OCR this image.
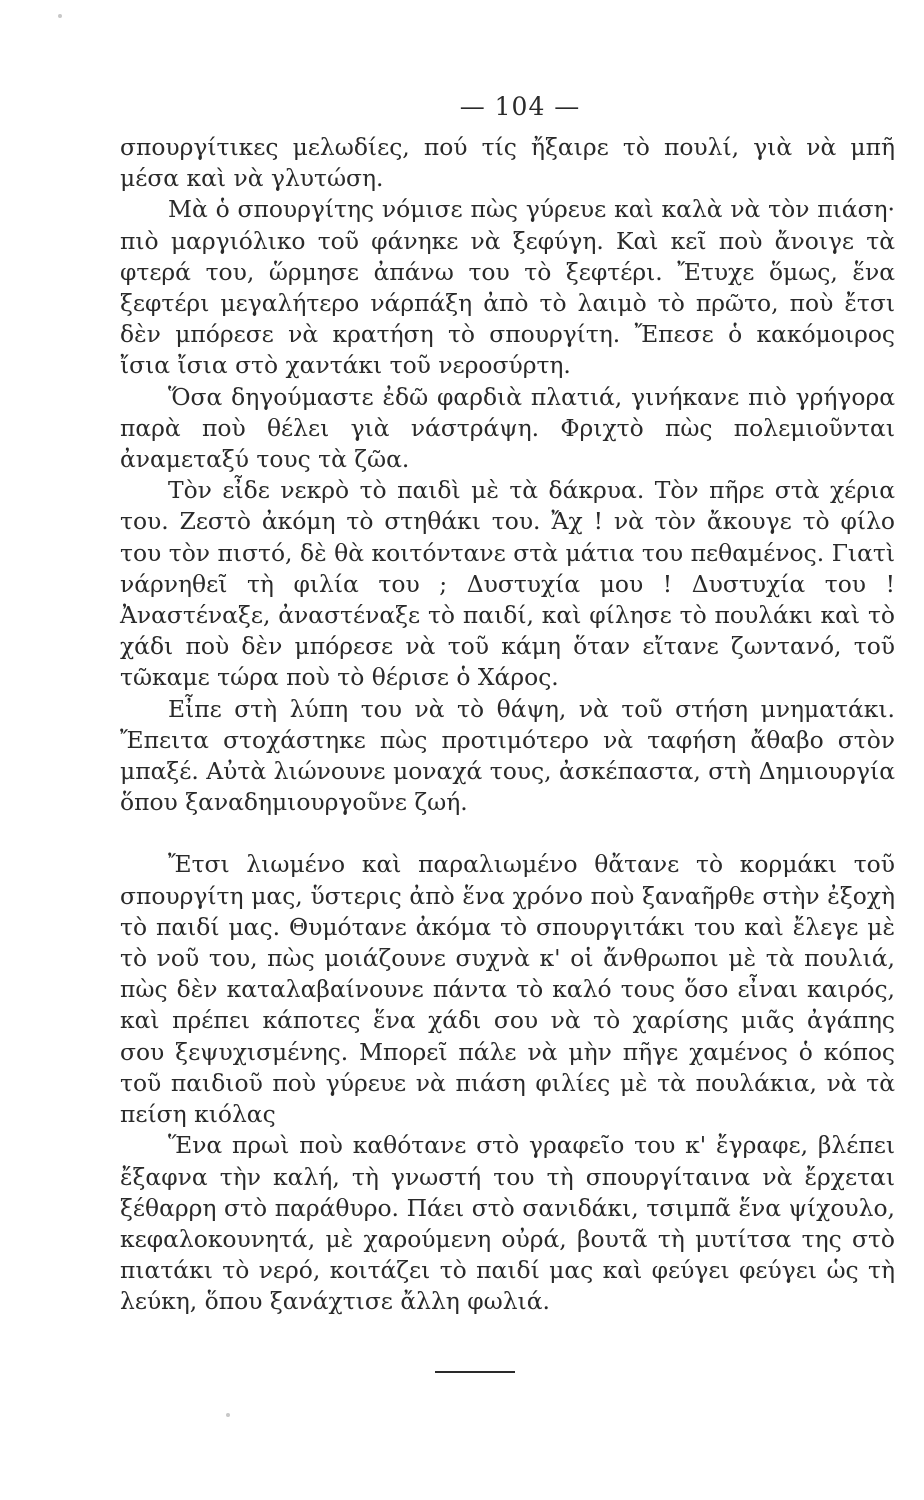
— 104 —

σπουργίτικες μελωδίες, πού τίς ἤξαιρε τὸ πουλί, γιὰ νὰ μπῆ μέσα καὶ νὰ γλυτώση.

Μὰ ὁ σπουργίτης νόμισε πὼς γύρευε καὶ καλὰ νὰ τὸν πιάση· πιὸ μαργιόλικο τοῦ φάνηκε νὰ ξεφύγη. Καὶ κεῖ ποὺ ἄνοιγε τὰ φτερά του, ὥρμησε ἀπάνω του τὸ ξεφτέρι. Ἔτυχε ὅμως, ἕνα ξεφτέρι μεγαλήτερο νάρπάξη ἀπὸ τὸ λαιμὸ τὸ πρῶτο, ποὺ ἔτσι δὲν μπόρεσε νὰ κρατήση τὸ σπουργίτη. Ἔπεσε ὁ κακόμοιρος ἴσια ἴσια στὸ χαντάκι τοῦ νεροσύρτη.

Ὅσα δηγούμαστε ἐδῶ φαρδιὰ πλατιά, γινήκανε πιὸ γρήγορα παρὰ ποὺ θέλει γιὰ νάστράψη. Φριχτὸ πὼς πολεμιοῦνται ἀναμεταξύ τους τὰ ζῶα.

Τὸν εἶδε νεκρὸ τὸ παιδὶ μὲ τὰ δάκρυα. Τὸν πῆρε στὰ χέρια του. Ζεστὸ ἀκόμη τὸ στηθάκι του. Ἄχ ! νὰ τὸν ἄκουγε τὸ φίλο του τὸν πιστό, δὲ θὰ κοιτόντανε στὰ μάτια του πεθαμένος. Γιατὶ νάρνηθεῖ τὴ φιλία του ; Δυστυχία μου ! Δυστυχία του ! Ἀναστέναξε, ἀναστέναξε τὸ παιδί, καὶ φίλησε τὸ πουλάκι καὶ τὸ χάδι ποὺ δὲν μπόρεσε νὰ τοῦ κάμη ὅταν εἴτανε ζωντανό, τοῦ τῶκαμε τώρα ποὺ τὸ θέρισε ὁ Χάρος.

Εἶπε στὴ λύπη του νὰ τὸ θάψη, νὰ τοῦ στήση μνηματάκι. Ἔπειτα στοχάστηκε πὼς προτιμότερο νὰ ταφήση ἄθαβο στὸν μπαξέ. Αὐτὰ λιώνουνε μοναχά τους, ἀσκέπαστα, στὴ Δημιουργία ὅπου ξαναδημιουργοῦνε ζωή.

Ἔτσι λιωμένο καὶ παραλιωμένο θἄτανε τὸ κορμάκι τοῦ σπουργίτη μας, ὕστερις ἀπὸ ἕνα χρόνο ποὺ ξαναῆρθε στὴν ἐξοχὴ τὸ παιδί μας. Θυμότανε ἀκόμα τὸ σπουργιτάκι του καὶ ἔλεγε μὲ τὸ νοῦ του, πὼς μοιάζουνε συχνὰ κ' οἱ ἄνθρωποι μὲ τὰ πουλιά, πὼς δὲν καταλαβαίνουνε πάντα τὸ καλό τους ὅσο εἶναι καιρός, καὶ πρέπει κάποτες ἕνα χάδι σου νὰ τὸ χαρίσης μιᾶς ἀγάπης σου ξεψυχισμένης. Μπορεῖ πάλε νὰ μὴν πῆγε χαμένος ὁ κόπος τοῦ παιδιοῦ ποὺ γύρευε νὰ πιάση φιλίες μὲ τὰ πουλάκια, νὰ τὰ πείση κιόλας

Ἕνα πρωὶ ποὺ καθότανε στὸ γραφεῖο του κ' ἔγραφε, βλέπει ἔξαφνα τὴν καλή, τὴ γνωστή του τὴ σπουργίταινα νὰ ἔρχεται ξέθαρρη στὸ παράθυρο. Πάει στὸ σανιδάκι, τσιμπᾶ ἕνα ψίχουλο, κεφαλοκουνητά, μὲ χαρούμενη οὐρά, βουτᾶ τὴ μυτίτσα της στὸ πιατάκι τὸ νερό, κοιτάζει τὸ παιδί μας καὶ φεύγει φεύγει ὡς τὴ λεύκη, ὅπου ξανάχτισε ἄλλη φωλιά.
